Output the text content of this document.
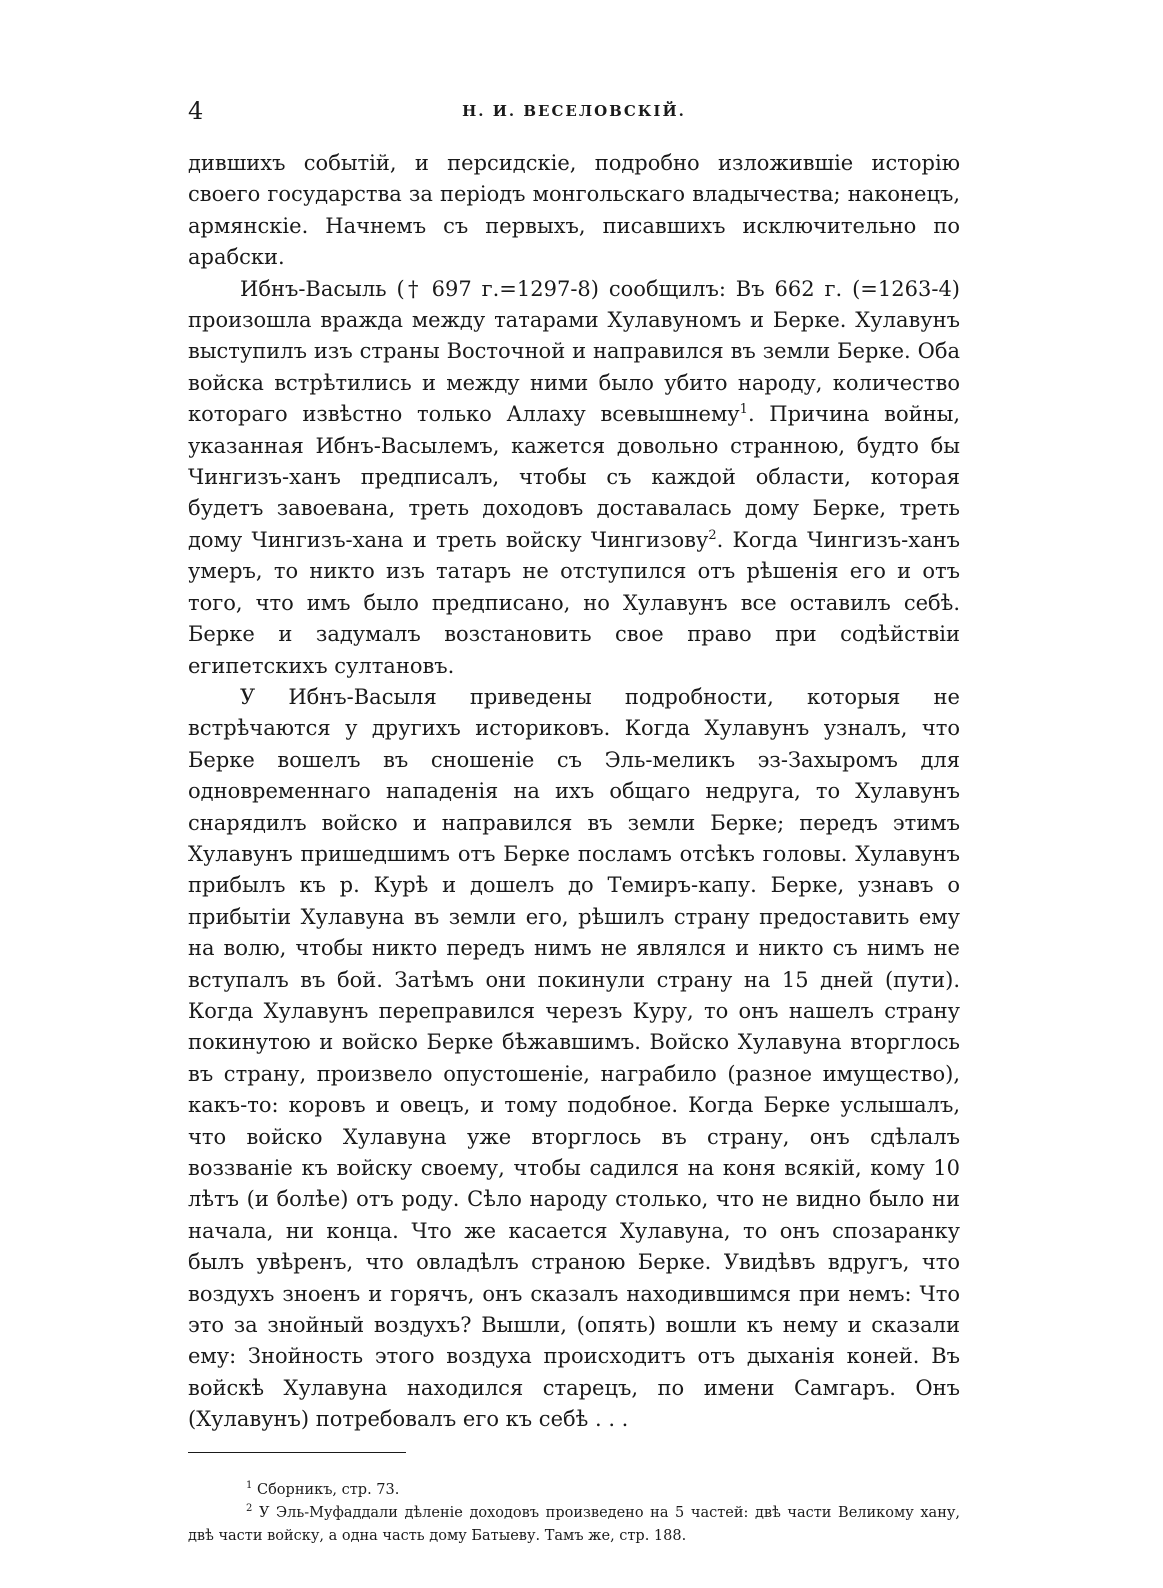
4	Н. И. ВЕСЕЛОВСКІЙ.

дившихъ событій, и персидскіе, подробно изложившіе исторію своего государства за періодъ монгольскаго владычества; наконецъ, армянскіе. Начнемъ съ первыхъ, писавшихъ исключительно по арабски.

Ибнъ-Васыль († 697 г.=1297-8) сообщилъ: Въ 662 г. (=1263-4) произошла вражда между татарами Хулавуномъ и Берке. Хулавунъ выступилъ изъ страны Восточной и направился въ земли Берке. Оба войска встрѣтились и между ними было убито народу, количество котораго извѣстно только Аллаху всевышнему$^1$. Причина войны, указанная Ибнъ-Васылемъ, кажется довольно странною, будто бы Чингизъ-ханъ предписалъ, чтобы съ каждой области, которая будетъ завоевана, треть доходовъ доставалась дому Берке, треть дому Чингизъ-хана и треть войску Чингизову$^2$. Когда Чингизъ-ханъ умеръ, то никто изъ татаръ не отступился отъ рѣшенія его и отъ того, что имъ было предписано, но Хулавунъ все оставилъ себѣ. Берке и задумалъ возстановить свое право при содѣйствіи египетскихъ султановъ.

У Ибнъ-Васыля приведены подробности, которыя не встрѣчаются у другихъ историковъ. Когда Хулавунъ узналъ, что Берке вошелъ въ сношеніе съ Эль-меликъ эз-Захыромъ для одновременнаго нападенія на ихъ общаго недруга, то Хулавунъ снарядилъ войско и направился въ земли Берке; передъ этимъ Хулавунъ пришедшимъ отъ Берке посламъ отсѣкъ головы. Хулавунъ прибылъ къ р. Курѣ и дошелъ до Темиръ-капу. Берке, узнавъ о прибытіи Хулавуна въ земли его, рѣшилъ страну предоставить ему на волю, чтобы никто передъ нимъ не являлся и никто съ нимъ не вступалъ въ бой. Затѣмъ они покинули страну на 15 дней (пути). Когда Хулавунъ переправился черезъ Куру, то онъ нашелъ страну покинутою и войско Берке бѣжавшимъ. Войско Хулавуна вторглось въ страну, произвело опустошеніе, награбило (разное имущество), какъ-то: коровъ и овецъ, и тому подобное. Когда Берке услышалъ, что войско Хулавуна уже вторглось въ страну, онъ сдѣлалъ воззваніе къ войску своему, чтобы садился на коня всякій, кому 10 лѣтъ (и болѣе) отъ роду. Сѣло народу столько, что не видно было ни начала, ни конца. Что же касается Хулавуна, то онъ спозаранку былъ увѣренъ, что овладѣлъ страною Берке. Увидѣвъ вдругъ, что воздухъ зноенъ и горячъ, онъ сказалъ находившимся при немъ: Что это за знойный воздухъ? Вышли, (опять) вошли къ нему и сказали ему: Знойность этого воздуха происходитъ отъ дыханія коней. Въ войскѣ Хулавуна находился старецъ, по имени Самгаръ. Онъ (Хулавунъ) потребовалъ его къ себѣ . . .

$^1$ Сборникъ, стр. 73.

$^2$ У Эль-Муфаддали дѣленіе доходовъ произведено на 5 частей: двѣ части Великому хану, двѣ части войску, а одна часть дому Батыеву. Тамъ же, стр. 188.
